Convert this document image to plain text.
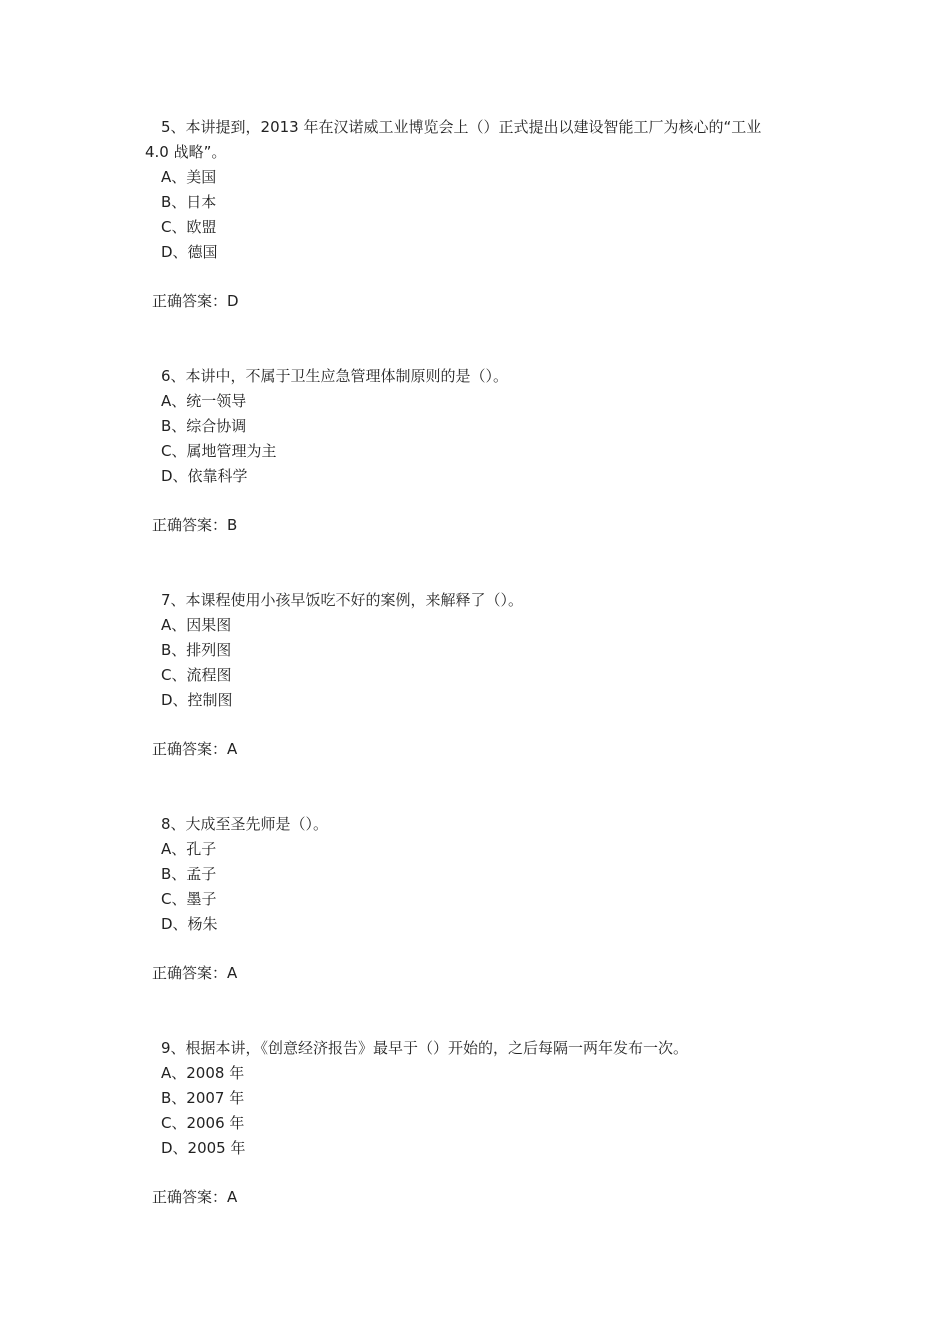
5、本讲提到，2013 年在汉诺威工业博览会上（）正式提出以建设智能工厂为核心的“工业
4.0 战略”。
A、美国
B、日本
C、欧盟
D、德国
正确答案：D
6、本讲中，不属于卫生应急管理体制原则的是（）。
A、统一领导
B、综合协调
C、属地管理为主
D、依靠科学
正确答案：B
7、本课程使用小孩早饭吃不好的案例，来解释了（）。
A、因果图
B、排列图
C、流程图
D、控制图
正确答案：A
8、大成至圣先师是（）。
A、孔子
B、孟子
C、墨子
D、杨朱
正确答案：A
9、根据本讲，《创意经济报告》最早于（）开始的，之后每隔一两年发布一次。
A、2008 年
B、2007 年
C、2006 年
D、2005 年
正确答案：A
